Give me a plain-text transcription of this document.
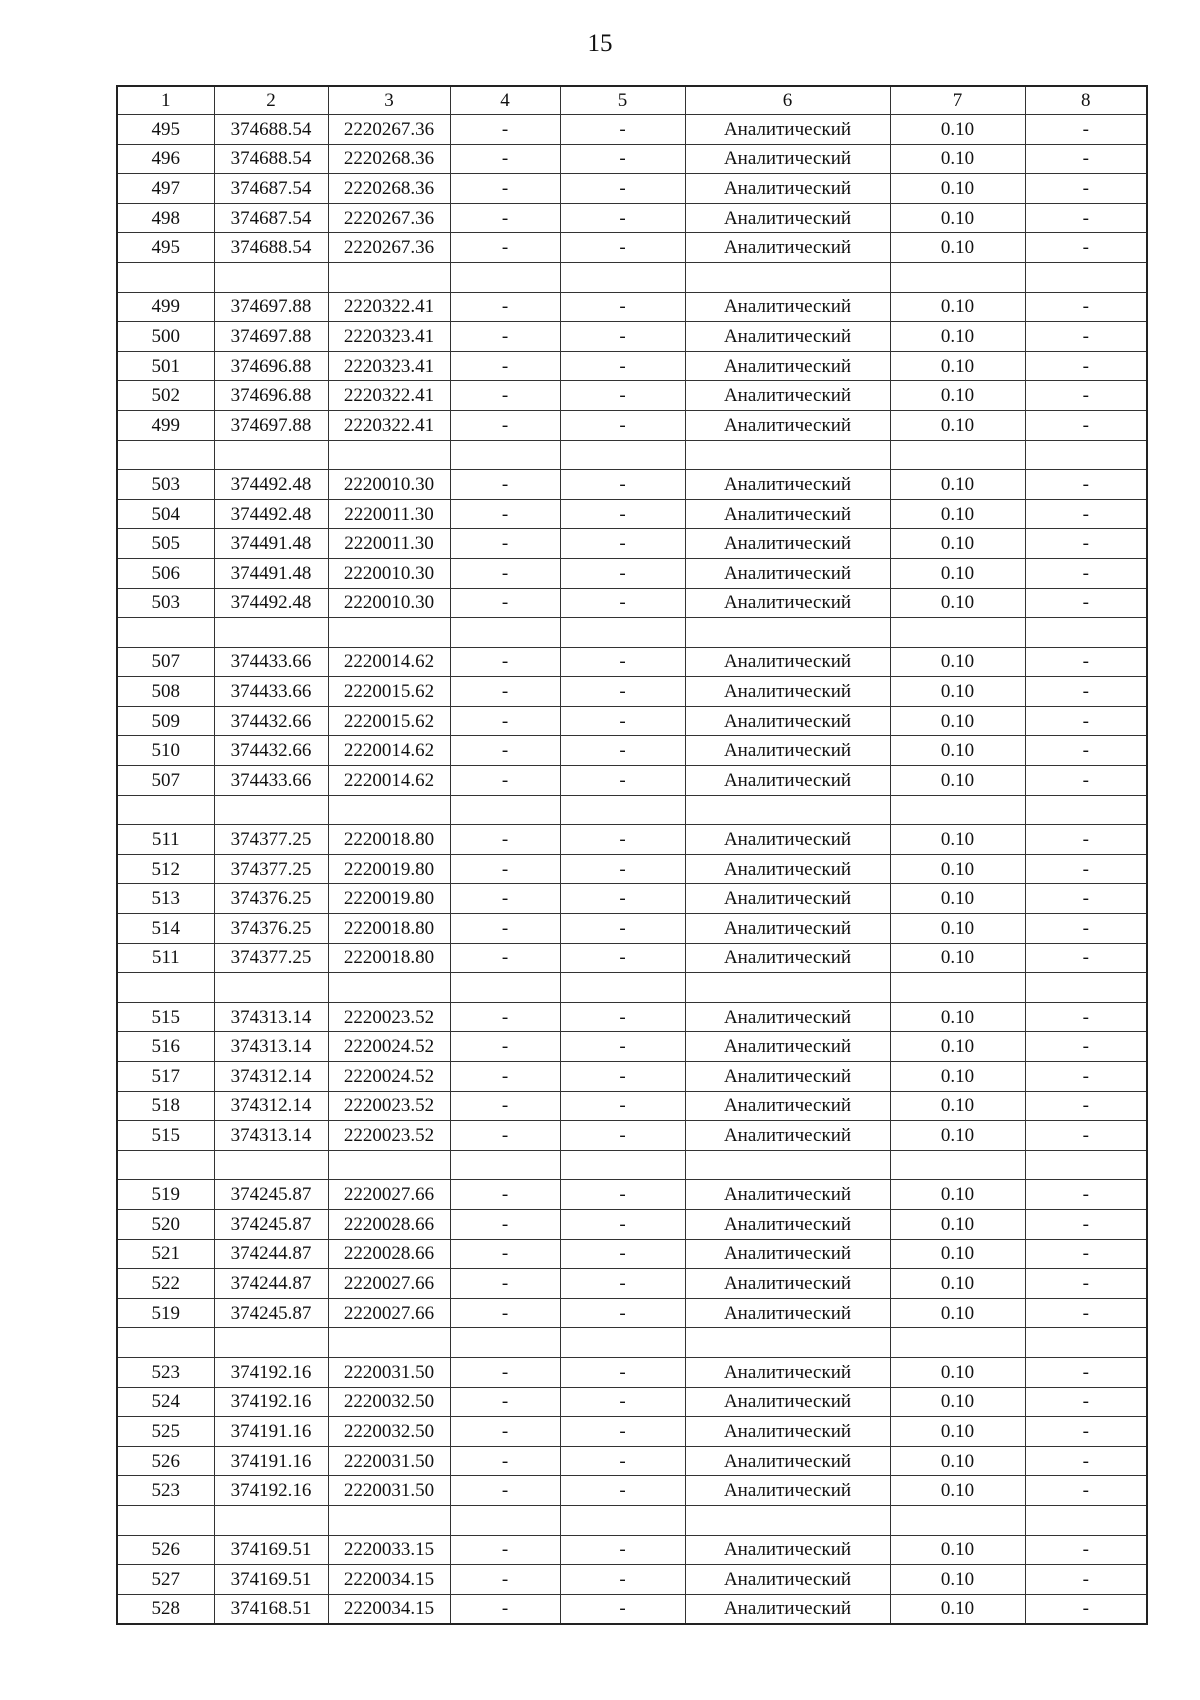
15
1	2	3	4	5	6	7	8
495	374688.54	2220267.36	-	-	Аналитический	0.10	-
496	374688.54	2220268.36	-	-	Аналитический	0.10	-
497	374687.54	2220268.36	-	-	Аналитический	0.10	-
498	374687.54	2220267.36	-	-	Аналитический	0.10	-
495	374688.54	2220267.36	-	-	Аналитический	0.10	-

499	374697.88	2220322.41	-	-	Аналитический	0.10	-
500	374697.88	2220323.41	-	-	Аналитический	0.10	-
501	374696.88	2220323.41	-	-	Аналитический	0.10	-
502	374696.88	2220322.41	-	-	Аналитический	0.10	-
499	374697.88	2220322.41	-	-	Аналитический	0.10	-

503	374492.48	2220010.30	-	-	Аналитический	0.10	-
504	374492.48	2220011.30	-	-	Аналитический	0.10	-
505	374491.48	2220011.30	-	-	Аналитический	0.10	-
506	374491.48	2220010.30	-	-	Аналитический	0.10	-
503	374492.48	2220010.30	-	-	Аналитический	0.10	-

507	374433.66	2220014.62	-	-	Аналитический	0.10	-
508	374433.66	2220015.62	-	-	Аналитический	0.10	-
509	374432.66	2220015.62	-	-	Аналитический	0.10	-
510	374432.66	2220014.62	-	-	Аналитический	0.10	-
507	374433.66	2220014.62	-	-	Аналитический	0.10	-

511	374377.25	2220018.80	-	-	Аналитический	0.10	-
512	374377.25	2220019.80	-	-	Аналитический	0.10	-
513	374376.25	2220019.80	-	-	Аналитический	0.10	-
514	374376.25	2220018.80	-	-	Аналитический	0.10	-
511	374377.25	2220018.80	-	-	Аналитический	0.10	-

515	374313.14	2220023.52	-	-	Аналитический	0.10	-
516	374313.14	2220024.52	-	-	Аналитический	0.10	-
517	374312.14	2220024.52	-	-	Аналитический	0.10	-
518	374312.14	2220023.52	-	-	Аналитический	0.10	-
515	374313.14	2220023.52	-	-	Аналитический	0.10	-

519	374245.87	2220027.66	-	-	Аналитический	0.10	-
520	374245.87	2220028.66	-	-	Аналитический	0.10	-
521	374244.87	2220028.66	-	-	Аналитический	0.10	-
522	374244.87	2220027.66	-	-	Аналитический	0.10	-
519	374245.87	2220027.66	-	-	Аналитический	0.10	-

523	374192.16	2220031.50	-	-	Аналитический	0.10	-
524	374192.16	2220032.50	-	-	Аналитический	0.10	-
525	374191.16	2220032.50	-	-	Аналитический	0.10	-
526	374191.16	2220031.50	-	-	Аналитический	0.10	-
523	374192.16	2220031.50	-	-	Аналитический	0.10	-

526	374169.51	2220033.15	-	-	Аналитический	0.10	-
527	374169.51	2220034.15	-	-	Аналитический	0.10	-
528	374168.51	2220034.15	-	-	Аналитический	0.10	-
